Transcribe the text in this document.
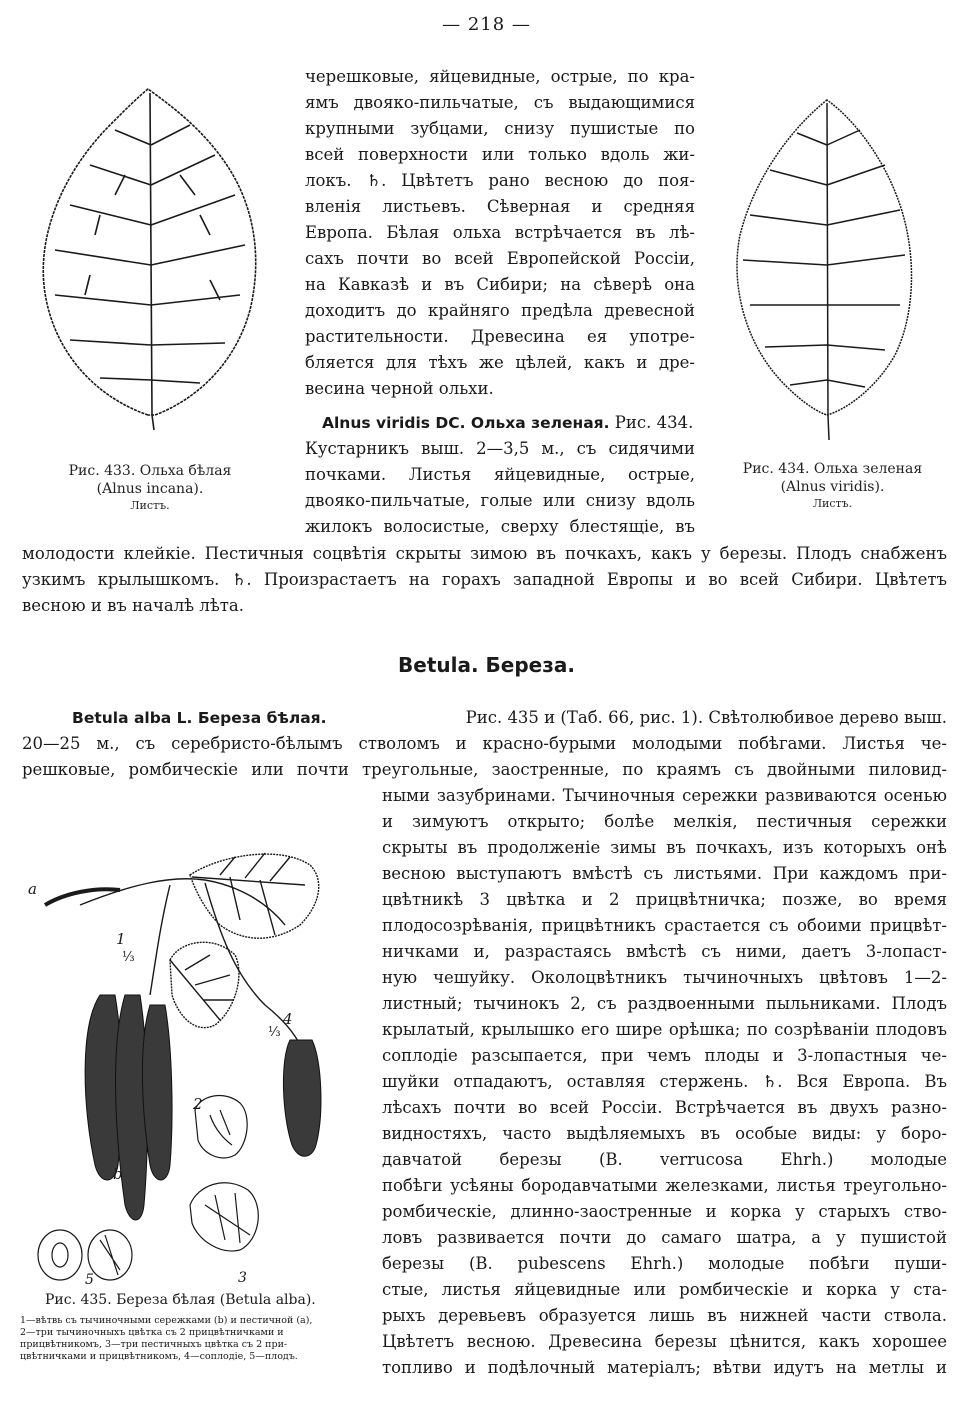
— 218 —
Рис. 433. Ольха бѣлая
(Alnus incana).
Листъ.
Рис. 434. Ольха зеленая
(Alnus viridis).
Листъ.
черешковые, яйцевидные, острые, по кра-
ямъ двояко-пильчатые, съ выдающимися
крупными зубцами, снизу пушистые по
всей поверхности или только вдоль жи-
локъ. ♄. Цвѣтетъ рано весною до поя-
вленія листьевъ. Сѣверная и средняя
Европа. Бѣлая ольха встрѣчается въ лѣ-
сахъ почти во всей Европейской Россіи,
на Кавказѣ и въ Сибири; на сѣверѣ она
доходитъ до крайняго предѣла древесной
растительности. Древесина ея употре-
бляется для тѣхъ же цѣлей, какъ и дре-
весина черной ольхи.
Alnus viridis DC. Ольха зеленая. Рис. 434.
Кустарникъ выш. 2—3,5 м., съ сидячими
почками. Листья яйцевидные, острые,
двояко-пильчатые, голые или снизу вдоль
жилокъ волосистые, сверху блестящіе, въ
молодости клейкіе. Пестичныя соцвѣтія скрыты зимою въ почкахъ, какъ у березы. Плодъ снабженъ
узкимъ крылышкомъ. ♄. Произрастаетъ на горахъ западной Европы и во всей Сибири. Цвѣтетъ
весною и въ началѣ лѣта.
Betula. Береза.
Betula alba L. Береза бѣлая.	Рис. 435 и (Таб. 66, рис. 1). Свѣтолюбивое дерево выш.
20—25 м., съ серебристо-бѣлымъ стволомъ и красно-бурыми молодыми побѣгами. Листья че-
решковые, ромбическіе или почти треугольные, заостренные, по краямъ съ двойными пиловид-
ными зазубринами. Тычиночныя сережки развиваются осенью
и зимуютъ открыто; болѣе мелкія, пестичныя сережки
скрыты въ продолженіе зимы въ почкахъ, изъ которыхъ онѣ
весною выступаютъ вмѣстѣ съ листьями. При каждомъ при-
цвѣтникѣ 3 цвѣтка и 2 прицвѣтничка; позже, во время
плодосозрѣванія, прицвѣтникъ срастается съ обоими прицвѣт-
ничками и, разрастаясь вмѣстѣ съ ними, даетъ 3-лопаст-
ную чешуйку. Околоцвѣтникъ тычиночныхъ цвѣтовъ 1—2-
листный; тычинокъ 2, съ раздвоенными пыльниками. Плодъ
крылатый, крылышко его шире орѣшка; по созрѣваніи плодовъ
соплодіе разсыпается, при чемъ плоды и 3-лопастныя че-
шуйки отпадаютъ, оставляя стержень. ♄. Вся Европа. Въ
лѣсахъ почти во всей Россіи. Встрѣчается въ двухъ разно-
видностяхъ, часто выдѣляемыхъ въ особые виды: у боро-
давчатой березы (B. verrucosa Ehrh.) молодые
побѣги усѣяны бородавчатыми железками, листья треугольно-
ромбическіе, длинно-заостренные и корка у старыхъ ство-
ловъ развивается почти до самаго шатра, а у пушистой
березы (B. pubescens Ehrh.) молодые побѣги пуши-
стые, листья яйцевидные или ромбическіе и корка у ста-
рыхъ деревьевъ образуется лишь въ нижней части ствола.
Цвѣтетъ весною. Древесина березы цѣнится, какъ хорошее
топливо и подѣлочный матеріалъ; вѣтви идутъ на метлы и
a
1
⅓
2
4
⅓
b
3
5
Рис. 435. Береза бѣлая (Betula alba).
1—вѣтвь съ тычиночными сережками (b) и пестичной (a),
2—три тычиночныхъ цвѣтка съ 2 прицвѣтничками и
прицвѣтникомъ, 3—три пестичныхъ цвѣтка съ 2 при-
цвѣтничками и прицвѣтникомъ, 4—соплодіе, 5—плодъ.
